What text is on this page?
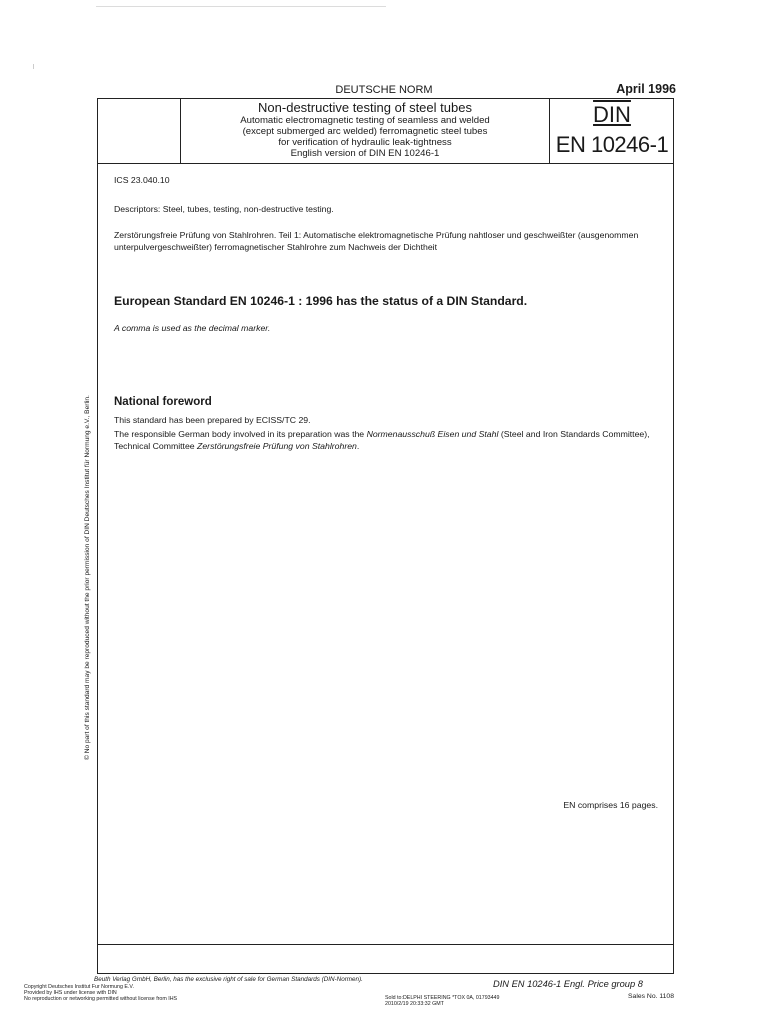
DEUTSCHE NORM	April 1996
Non-destructive testing of steel tubes
Automatic electromagnetic testing of seamless and welded
(except submerged arc welded) ferromagnetic steel tubes
for verification of hydraulic leak-tightness
English version of DIN EN 10246-1
DIN
EN 10246-1
ICS 23.040.10
Descriptors: Steel, tubes, testing, non-destructive testing.
Zerstörungsfreie Prüfung von Stahlrohren. Teil 1: Automatische elektromagnetische Prüfung nahtloser und geschweißter (ausgenommen unterpulvergeschweißter) ferromagnetischer Stahlrohre zum Nachweis der Dichtheit
European Standard EN 10246-1 : 1996 has the status of a DIN Standard.
A comma is used as the decimal marker.
National foreword
This standard has been prepared by ECISS/TC 29.
The responsible German body involved in its preparation was the Normenausschuß Eisen und Stahl (Steel and Iron Standards Committee), Technical Committee Zerstörungsfreie Prüfung von Stahlrohren.
EN comprises 16 pages.
© No part of this standard may be reproduced without the prior permission of DIN Deutsches Institut für Normung e.V., Berlin.
Beuth Verlag GmbH, Berlin, has the exclusive right of sale for German Standards (DIN-Normen).
Copyright Deutsches Institut Fur Normung E.V.
Provided by IHS under license with DIN
No reproduction or networking permitted without license from IHS
DIN EN 10246-1 Engl. Price group 8
Sold to:DELPHI STEERING *TOX 0A, 01793449
2010/2/19 20:33:32 GMT
Sales No. 1108
